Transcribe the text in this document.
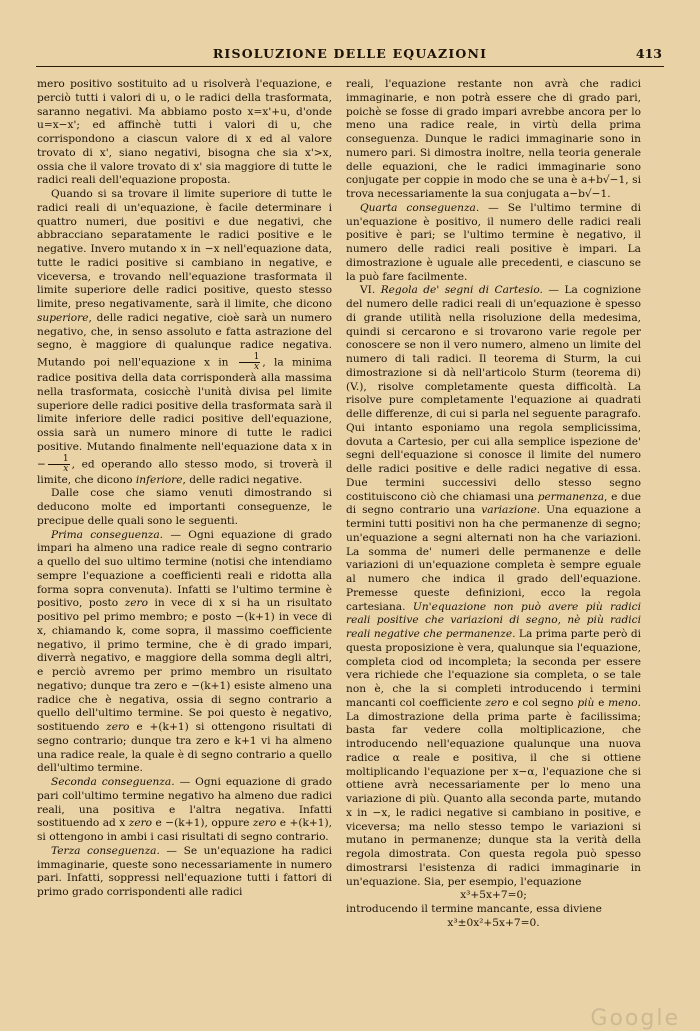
RISOLUZIONE DELLE EQUAZIONI	413

mero positivo sostituito ad u risolverà l'equazione, e perciò tutti i valori di u, o le radici della trasformata, saranno negativi. Ma abbiamo posto x=x'+u, d'onde u=x−x'; ed affinchè tutti i valori di u, che corrispondono a ciascun valore di x ed al valore trovato di x', siano negativi, bisogna che sia x'>x, ossia che il valore trovato di x' sia maggiore di tutte le radici reali dell'equazione proposta.

Quando si sa trovare il limite superiore di tutte le radici reali di un'equazione, è facile determinare i quattro numeri, due positivi e due negativi, che abbracciano separatamente le radici positive e le negative. Invero mutando x in −x nell'equazione data, tutte le radici positive si cambiano in negative, e viceversa, e trovando nell'equazione trasformata il limite superiore delle radici positive, questo stesso limite, preso negativamente, sarà il limite, che dicono superiore, delle radici negative, cioè sarà un numero negativo, che, in senso assoluto e fatta astrazione del segno, è maggiore di qualunque radice negativa. Mutando poi nell'equazione x in $\frac{1}{x}$ , la minima radice positiva della data corrisponderà alla massima nella trasformata, cosicchè l'unità divisa pel limite superiore delle radici positive della trasformata sarà il limite inferiore delle radici positive dell'equazione, ossia sarà un numero minore di tutte le radici positive. Mutando finalmente nell'equazione data x in − $\frac{1}{x}$ , ed operando allo stesso modo, si troverà il limite, che dicono inferiore, delle radici negative.

Dalle cose che siamo venuti dimostrando si deducono molte ed importanti conseguenze, le precipue delle quali sono le seguenti.

Prima conseguenza. — Ogni equazione di grado impari ha almeno una radice reale di segno contrario a quello del suo ultimo termine (notisi che intendiamo sempre l'equazione a coefficienti reali e ridotta alla forma sopra convenuta). Infatti se l'ultimo termine è positivo, posto zero in vece di x si ha un risultato positivo pel primo membro; e posto −(k+1) in vece di x, chiamando k, come sopra, il massimo coefficiente negativo, il primo termine, che è di grado impari, diverrà negativo, e maggiore della somma degli altri, e perciò avremo per primo membro un risultato negativo; dunque tra zero e −(k+1) esiste almeno una radice che è negativa, ossia di segno contrario a quello dell'ultimo termine. Se poi questo è negativo, sostituendo zero e +(k+1) si ottengono risultati di segno contrario; dunque tra zero e k+1 vi ha almeno una radice reale, la quale è di segno contrario a quello dell'ultimo termine.

Seconda conseguenza. — Ogni equazione di grado pari coll'ultimo termine negativo ha almeno due radici reali, una positiva e l'altra negativa. Infatti sostituendo ad x zero e −(k+1), oppure zero e +(k+1), si ottengono in ambi i casi risultati di segno contrario.

Terza conseguenza. — Se un'equazione ha radici immaginarie, queste sono necessariamente in numero pari. Infatti, soppressi nell'equazione tutti i fattori di primo grado corrispondenti alle radici

reali, l'equazione restante non avrà che radici immaginarie, e non potrà essere che di grado pari, poichè se fosse di grado impari avrebbe ancora per lo meno una radice reale, in virtù della prima conseguenza. Dunque le radici immaginarie sono in numero pari. Si dimostra inoltre, nella teoria generale delle equazioni, che le radici immaginarie sono conjugate per coppie in modo che se una è a+b√−1, si trova necessariamente la sua conjugata a−b√−1.

Quarta conseguenza. — Se l'ultimo termine di un'equazione è positivo, il numero delle radici reali positive è pari; se l'ultimo termine è negativo, il numero delle radici reali positive è impari. La dimostrazione è uguale alle precedenti, e ciascuno se la può fare facilmente.

VI. Regola de' segni di Cartesio. — La cognizione del numero delle radici reali di un'equazione è spesso di grande utilità nella risoluzione della medesima, quindi si cercarono e si trovarono varie regole per conoscere se non il vero numero, almeno un limite del numero di tali radici. Il teorema di Sturm, la cui dimostrazione si dà nell'articolo Sturm (teorema di) (V.), risolve completamente questa difficoltà. La risolve pure completamente l'equazione ai quadrati delle differenze, di cui si parla nel seguente paragrafo. Qui intanto esponiamo una regola semplicissima, dovuta a Cartesio, per cui alla semplice ispezione de' segni dell'equazione si conosce il limite del numero delle radici positive e delle radici negative di essa. Due termini successivi dello stesso segno costituiscono ciò che chiamasi una permanenza, e due di segno contrario una variazione. Una equazione a termini tutti positivi non ha che permanenze di segno; un'equazione a segni alternati non ha che variazioni. La somma de' numeri delle permanenze e delle variazioni di un'equazione completa è sempre eguale al numero che indica il grado dell'equazione. Premesse queste definizioni, ecco la regola cartesiana. Un'equazione non può avere più radici reali positive che variazioni di segno, nè più radici reali negative che permanenze. La prima parte però di questa proposizione è vera, qualunque sia l'equazione, completa ciod od incompleta; la seconda per essere vera richiede che l'equazione sia completa, o se tale non è, che la si completi introducendo i termini mancanti col coefficiente zero e col segno più e meno. La dimostrazione della prima parte è facilissima; basta far vedere colla moltiplicazione, che introducendo nell'equazione qualunque una nuova radice α reale e positiva, il che si ottiene moltiplicando l'equazione per x−α, l'equazione che si ottiene avrà necessariamente per lo meno una variazione di più. Quanto alla seconda parte, mutando x in −x, le radici negative si cambiano in positive, e viceversa; ma nello stesso tempo le variazioni si mutano in permanenze; dunque sta la verità della regola dimostrata. Con questa regola può spesso dimostrarsi l'esistenza di radici immaginarie in un'equazione. Sia, per esempio, l'equazione

x³+5x+7=0;

introducendo il termine mancante, essa diviene

x³±0x²+5x+7=0.

Google
